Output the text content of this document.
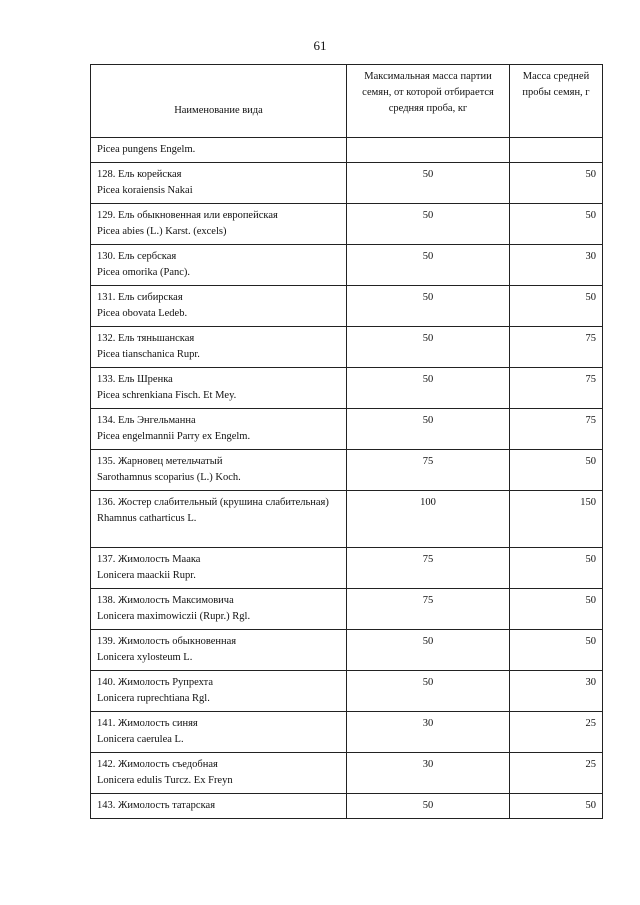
61
Наименование вида	Максимальная масса партии семян, от которой отбирается средняя проба, кг	Масса средней пробы семян, г
Picea pungens Engelm.		

128. Ель корейская
Picea koraiensis Nakai	50	50

129. Ель обыкновенная или европейская
Picea abies (L.) Karst. (excels)	50	50

130. Ель сербская
Picea omorika (Panc).	50	30

131. Ель сибирская
Picea obovata Ledeb.	50	50

132. Ель тяньшанская
Picea tianschanica Rupr.	50	75

133. Ель Шренка
Picea schrenkiana Fisch. Et Mey.	50	75

134. Ель Энгельманна
Picea engelmannii Parry ex Engelm.	50	75

135. Жарновец метельчатый
Sarothamnus scoparius (L.) Koch.	75	50

136. Жостер слабительный (крушина слабительная)
Rhamnus catharticus L.	100	150

137. Жимолость Маака
Lonicera maackii Rupr.	75	50

138. Жимолость Максимовича
Lonicera maximowiczii (Rupr.) Rgl.	75	50

139. Жимолость обыкновенная
Lonicera xylosteum L.	50	50

140. Жимолость Рупрехта
Lonicera ruprechtiana Rgl.	50	30

141. Жимолость синяя
Lonicera caerulea L.	30	25

142. Жимолость съедобная
Lonicera edulis Turcz. Ex Freyn	30	25
143. Жимолость татарская	50	50
